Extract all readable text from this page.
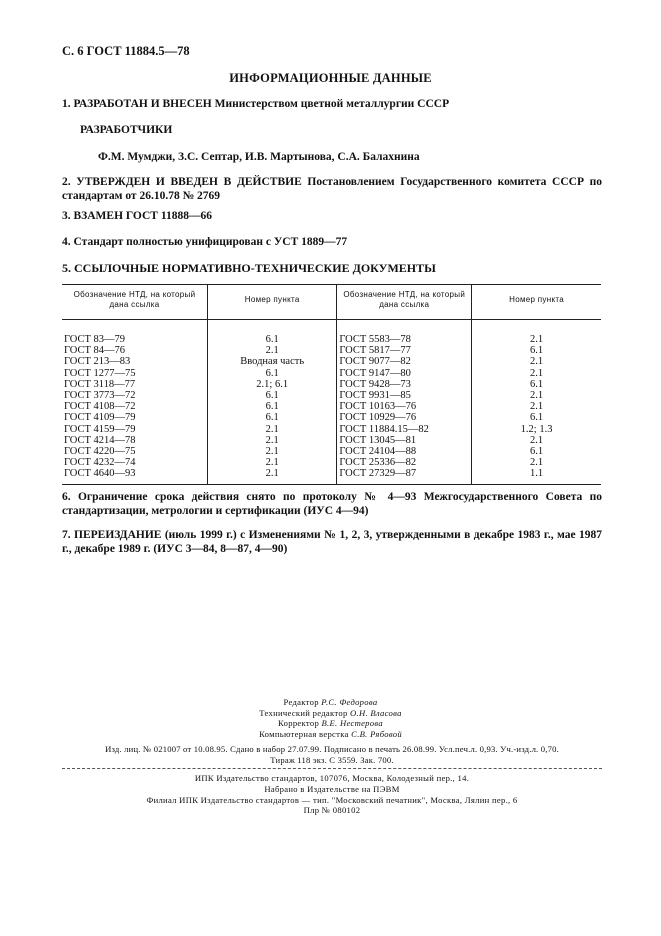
С. 6 ГОСТ 11884.5—78
ИНФОРМАЦИОННЫЕ ДАННЫЕ
1. РАЗРАБОТАН И ВНЕСЕН Министерством цветной металлургии СССР
РАЗРАБОТЧИКИ
Ф.М. Мумджи, З.С. Септар, И.В. Мартынова, С.А. Балахнина
2. УТВЕРЖДЕН И ВВЕДЕН В ДЕЙСТВИЕ Постановлением Государственного комитета СССР по стандартам от 26.10.78 № 2769
3. ВЗАМЕН ГОСТ 11888—66
4. Стандарт полностью унифицирован с УСТ 1889—77
5. ССЫЛОЧНЫЕ НОРМАТИВНО-ТЕХНИЧЕСКИЕ ДОКУМЕНТЫ
Обозначение НТД, на который дана ссылка	Номер пункта	Обозначение НТД, на который дана ссылка	Номер пункта
ГОСТ 83—79	6.1	ГОСТ 5583—78	2.1
ГОСТ 84—76	2.1	ГОСТ 5817—77	6.1
ГОСТ 213—83	Вводная часть	ГОСТ 9077—82	2.1
ГОСТ 1277—75	6.1	ГОСТ 9147—80	2.1
ГОСТ 3118—77	2.1; 6.1	ГОСТ 9428—73	6.1
ГОСТ 3773—72	6.1	ГОСТ 9931—85	2.1
ГОСТ 4108—72	6.1	ГОСТ 10163—76	2.1
ГОСТ 4109—79	6.1	ГОСТ 10929—76	6.1
ГОСТ 4159—79	2.1	ГОСТ 11884.15—82	1.2; 1.3
ГОСТ 4214—78	2.1	ГОСТ 13045—81	2.1
ГОСТ 4220—75	2.1	ГОСТ 24104—88	6.1
ГОСТ 4232—74	2.1	ГОСТ 25336—82	2.1
ГОСТ 4640—93	2.1	ГОСТ 27329—87	1.1
6. Ограничение срока действия снято по протоколу № 4—93 Межгосударственного Совета по стандартизации, метрологии и сертификации (ИУС 4—94)
7. ПЕРЕИЗДАНИЕ (июль 1999 г.) с Изменениями № 1, 2, 3, утвержденными в декабре 1983 г., мае 1987 г., декабре 1989 г. (ИУС 3—84, 8—87, 4—90)
Редактор Р.С. Федорова
Технический редактор О.Н. Власова
Корректор В.Е. Нестерова
Компьютерная верстка С.В. Рябовой
Изд. лиц. № 021007 от 10.08.95. Сдано в набор 27.07.99. Подписано в печать 26.08.99. Усл.печ.л. 0,93. Уч.-изд.л. 0,70.
Тираж 118 экз. С 3559. Зак. 700.
ИПК Издательство стандартов, 107076, Москва, Колодезный пер., 14.
Набрано в Издательстве на ПЭВМ
Филиал ИПК Издательство стандартов — тип. "Московский печатник", Москва, Лялин пер., 6
Плр № 080102
